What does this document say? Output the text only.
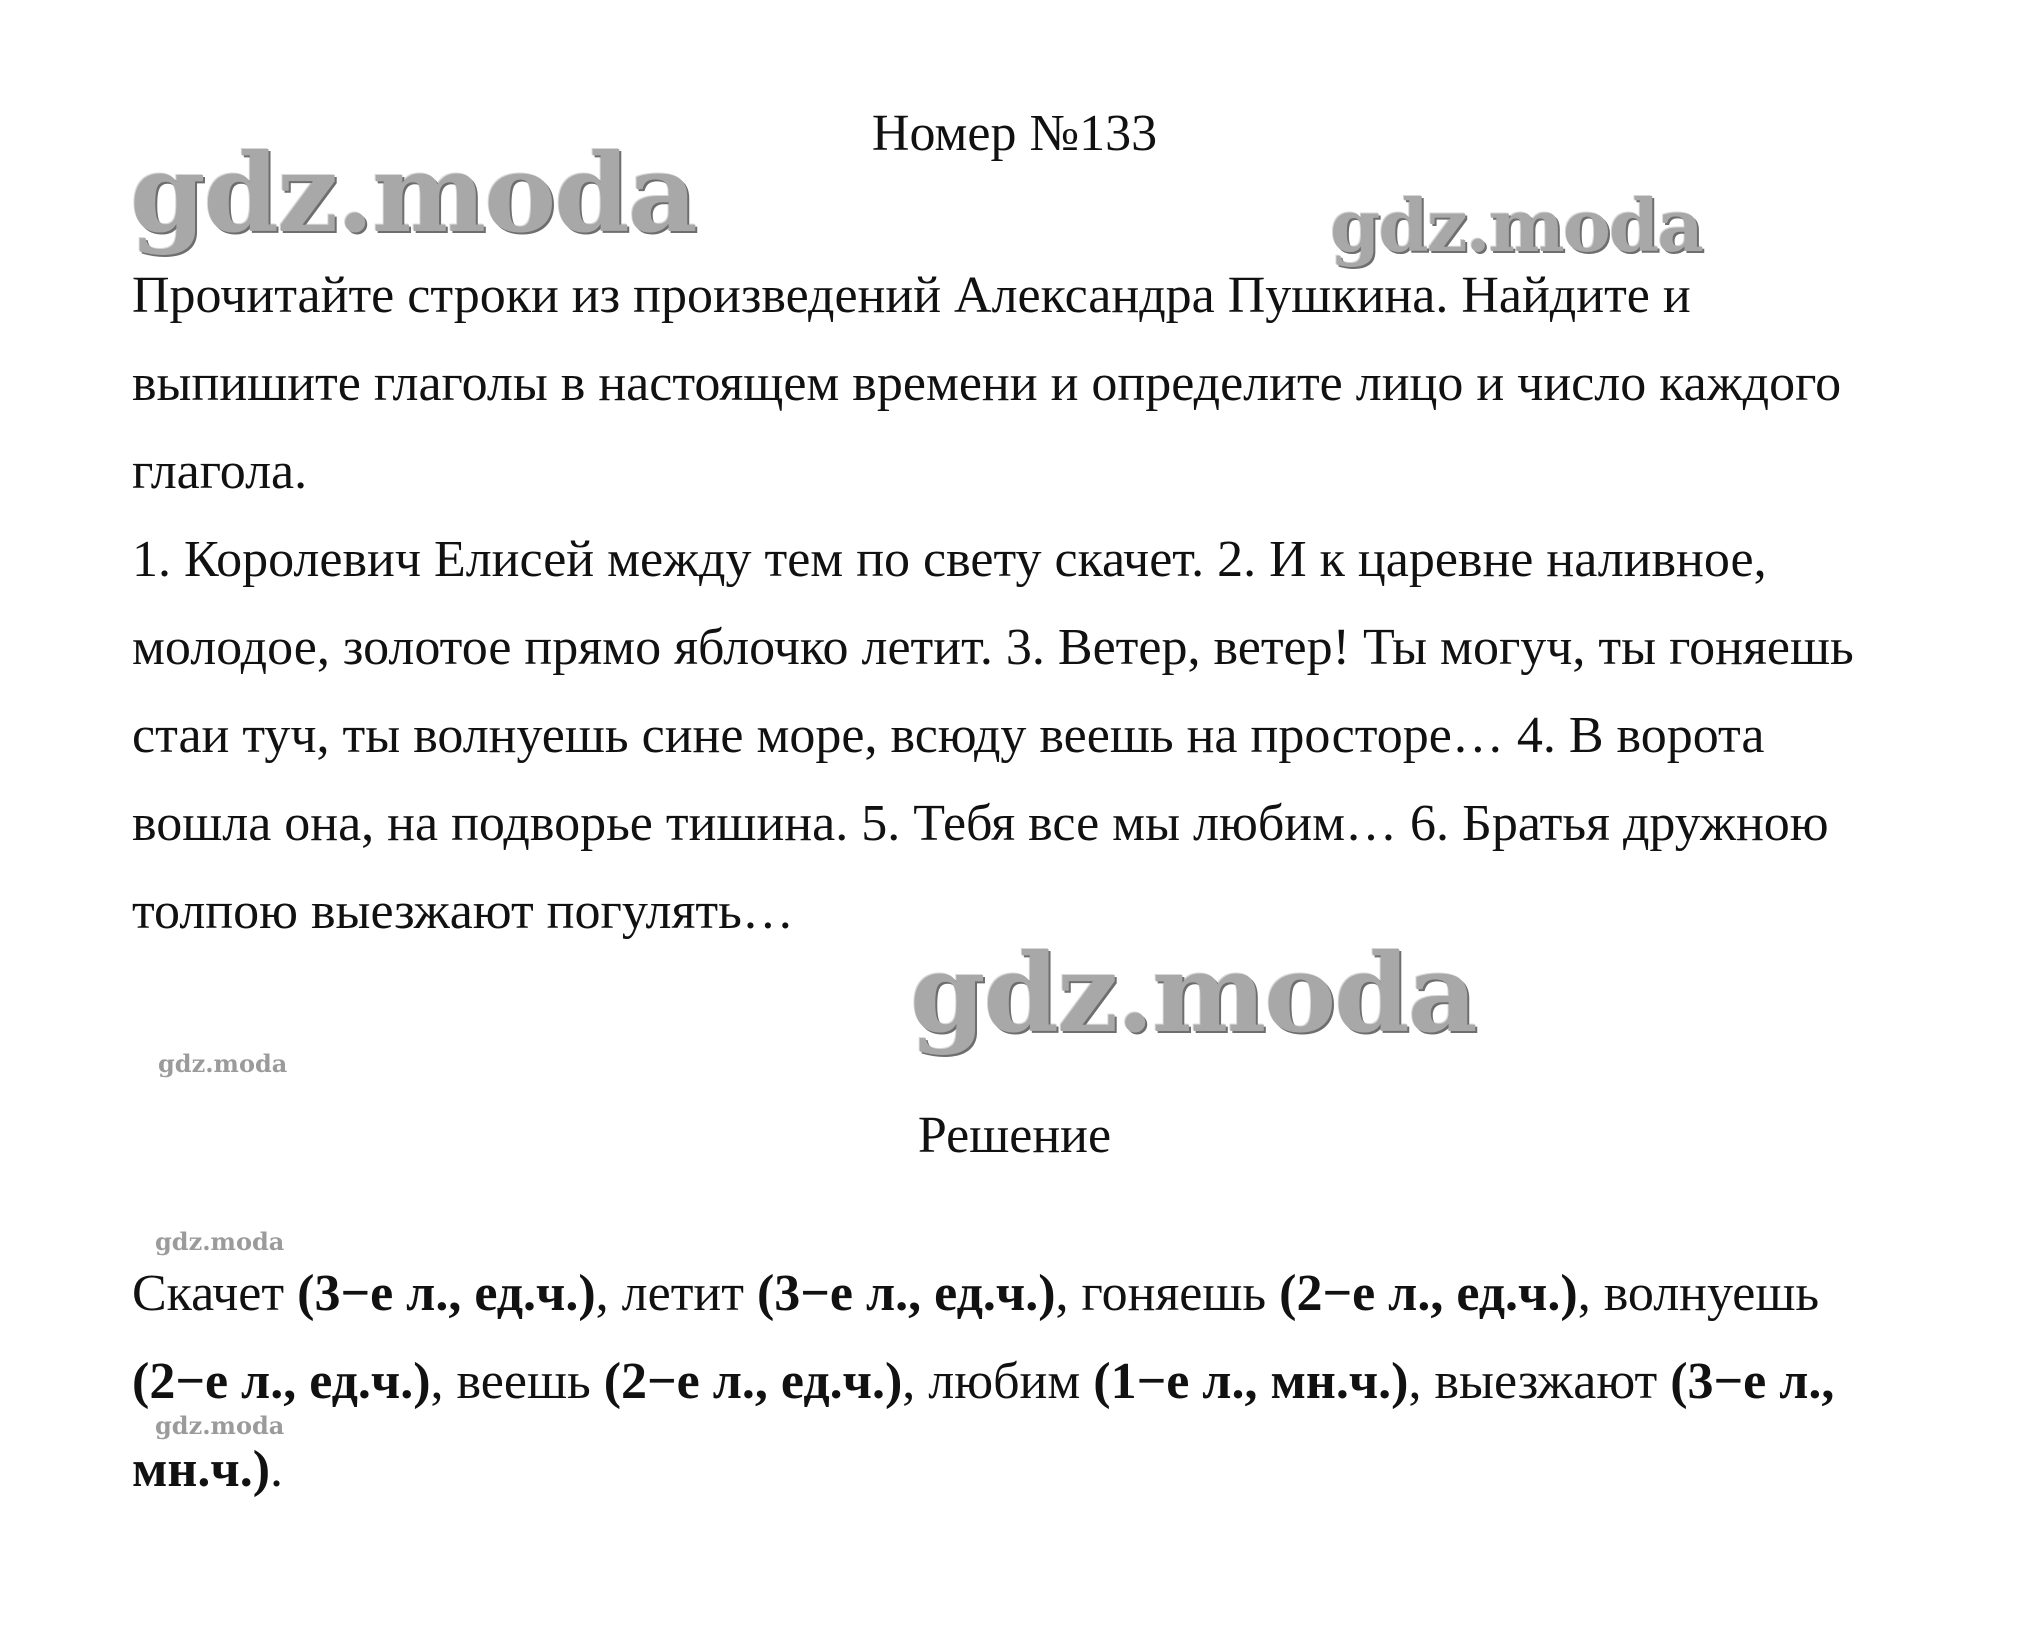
gdz.moda	gdz.moda
gdz.moda
gdz.moda
gdz.moda
gdz.moda
Номер №133

Прочитайте строки из произведений Александра Пушкина. Найдите и выпишите глаголы в настоящем времени и определите лицо и число каждого глагола.

1. Королевич Елисей между тем по свету скачет. 2. И к царевне наливное, молодое, золотое прямо яблочко летит. 3. Ветер, ветер! Ты могуч, ты гоняешь стаи туч, ты волнуешь сине море, всюду веешь на просторе… 4. В ворота вошла она, на подворье тишина. 5. Тебя все мы любим… 6. Братья дружною толпою выезжают погулять…

Решение
Скачет (3−е л., ед.ч.), летит (3−е л., ед.ч.), гоняешь (2−е л., ед.ч.), волнуешь (2−е л., ед.ч.), веешь (2−е л., ед.ч.), любим (1−е л., мн.ч.), выезжают (3−е л., мн.ч.).
